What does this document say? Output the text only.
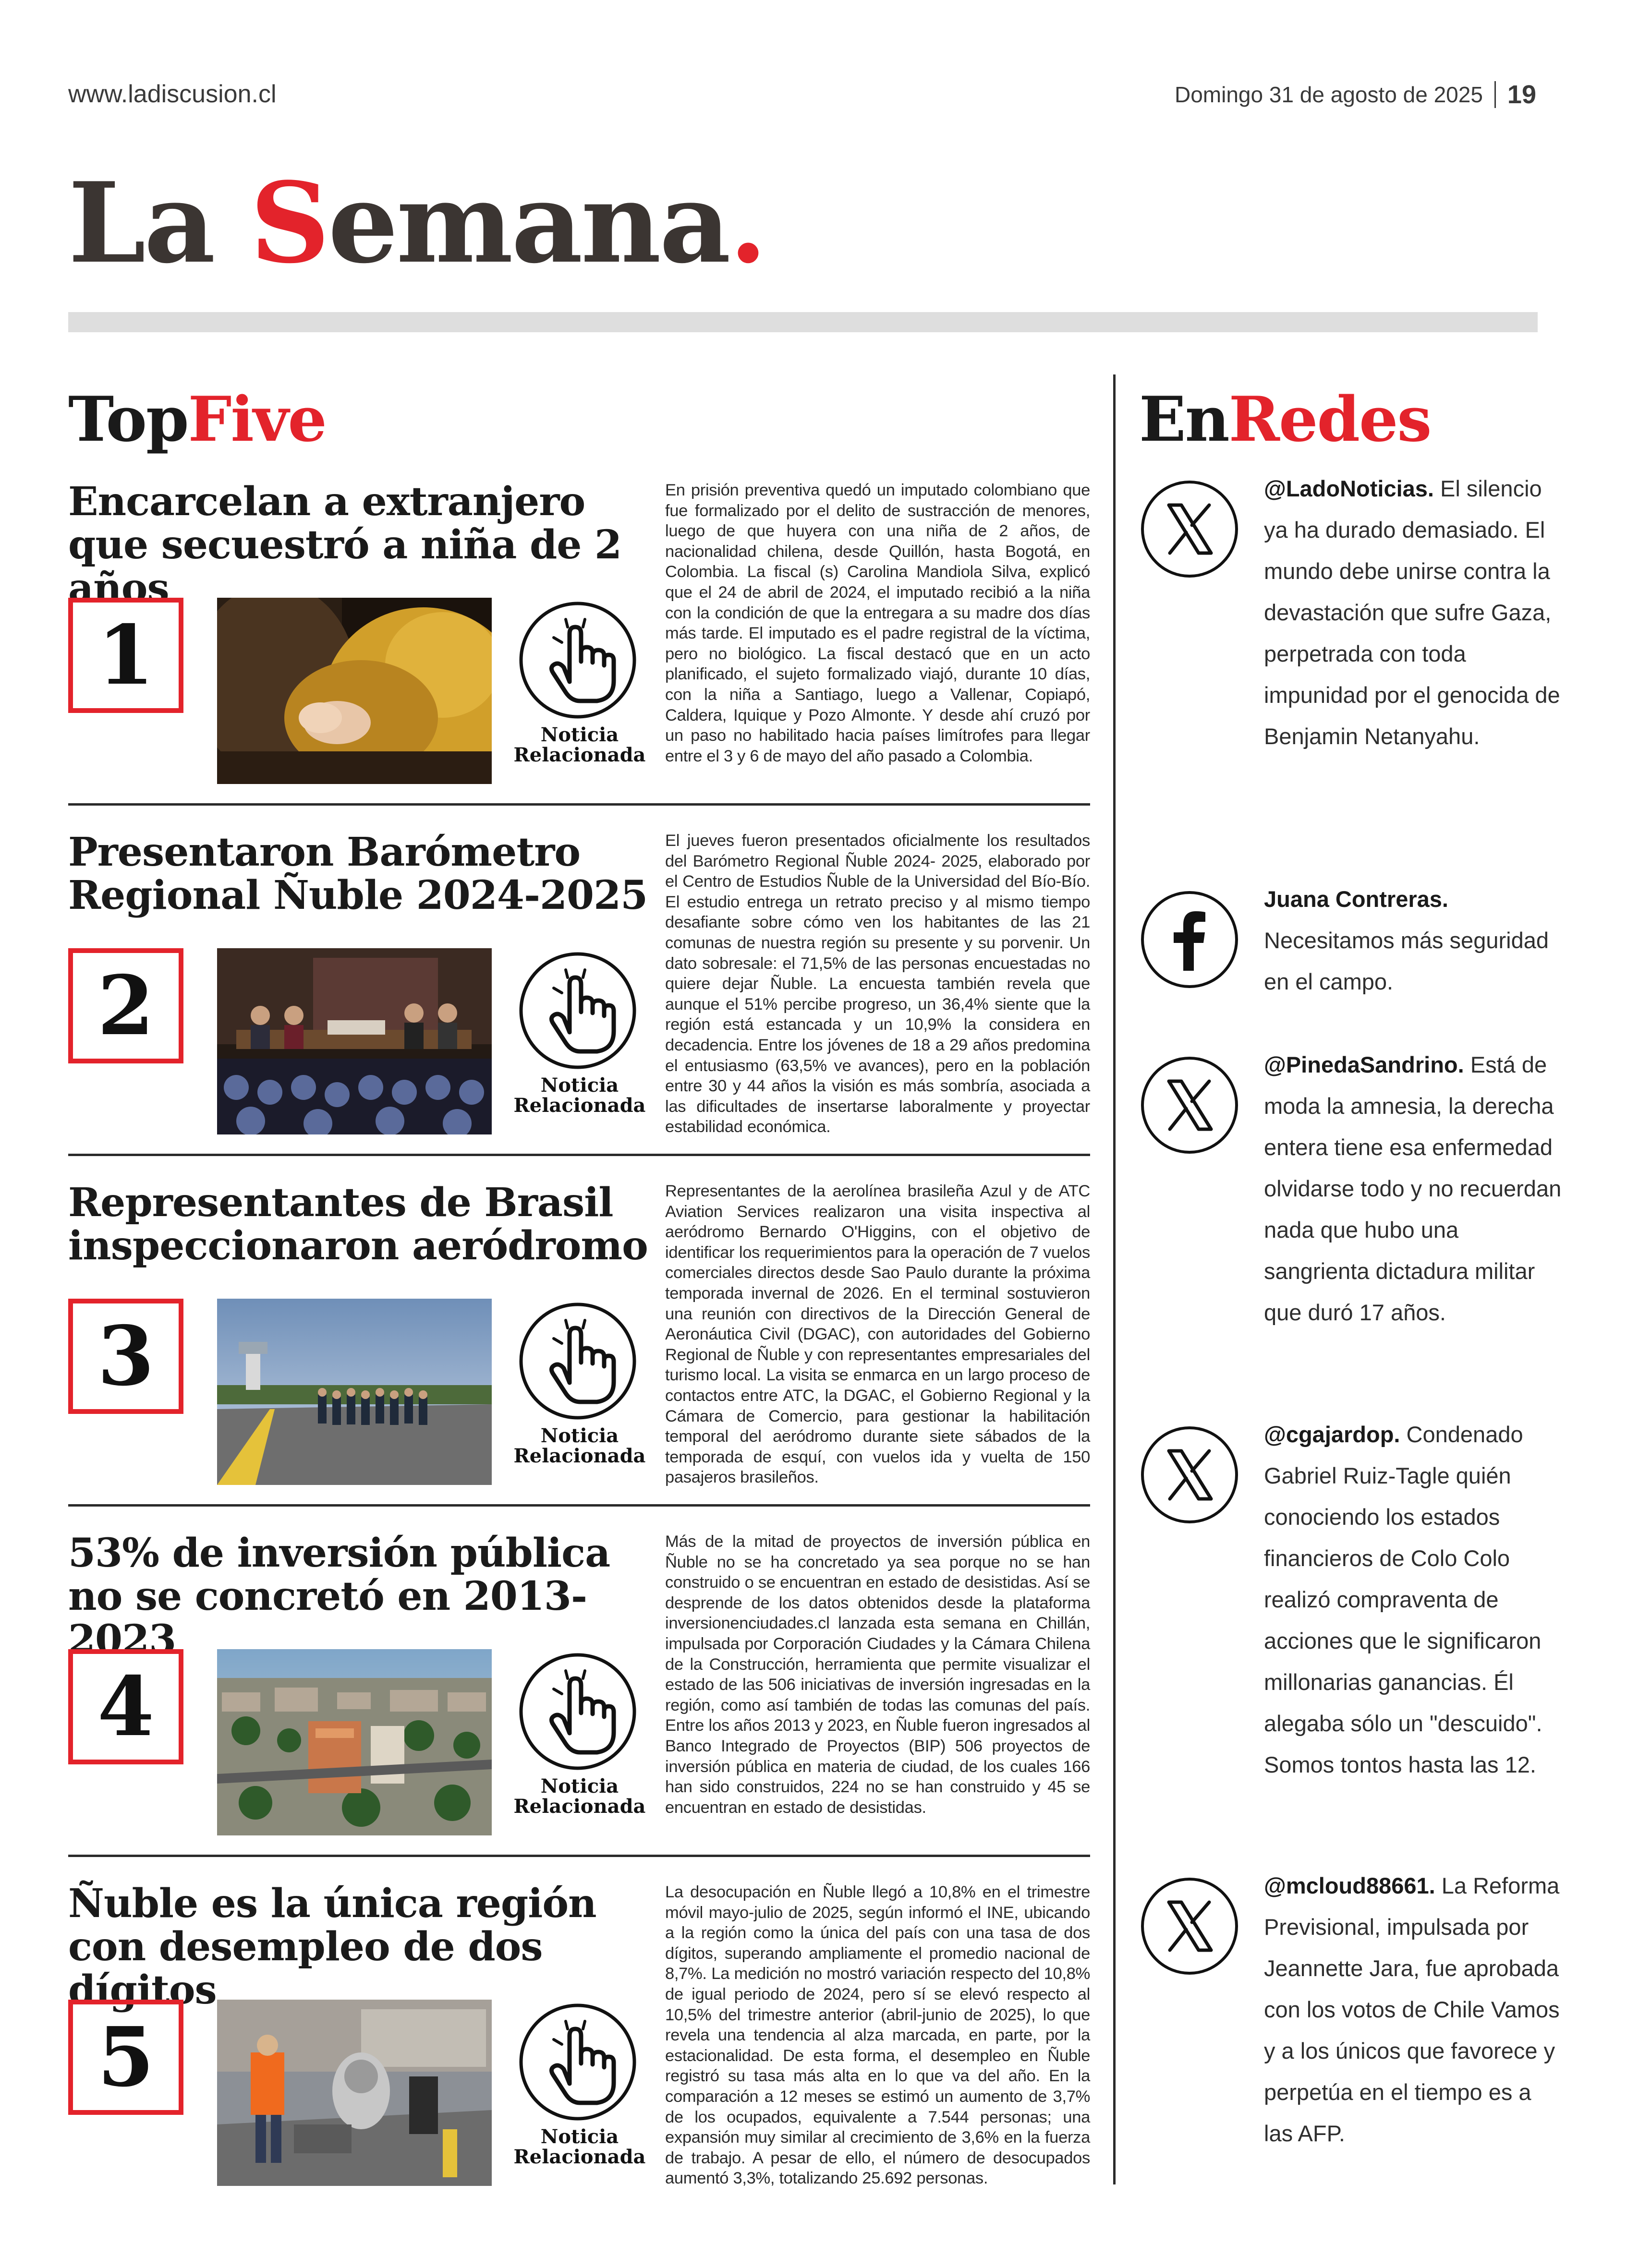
www.ladiscusion.cl	Domingo 31 de agosto de 2025 19
La Semana.
TopFive
Encarcelan a extranjero que secuestró a niña de 2 años
1
Noticia Relacionada
En prisión preventiva quedó un imputado colombiano que fue formalizado por el delito de sustracción de menores, luego de que huyera con una niña de 2 años, de nacionalidad chilena, desde Quillón, hasta Bogotá, en Colombia. La fiscal (s) Carolina Mandiola Silva, explicó que el 24 de abril de 2024, el imputado recibió a la niña con la condición de que la entregara a su madre dos días más tarde. El imputado es el padre registral de la víctima, pero no biológico. La fiscal destacó que en un acto planificado, el sujeto formalizado viajó, durante 10 días, con la niña a Santiago, luego a Vallenar, Copiapó, Caldera, Iquique y Pozo Almonte. Y desde ahí cruzó por un paso no habilitado hacia países limítrofes para llegar entre el 3 y 6 de mayo del año pasado a Colombia.
Presentaron Barómetro Regional Ñuble 2024-2025
2
Noticia Relacionada
El jueves fueron presentados oficialmente los resultados del Barómetro Regional Ñuble 2024- 2025, elaborado por el Centro de Estudios Ñuble de la Universidad del Bío-Bío. El estudio entrega un retrato preciso y al mismo tiempo desafiante sobre cómo ven los habitantes de las 21 comunas de nuestra región su presente y su porvenir. Un dato sobresale: el 71,5% de las personas encuestadas no quiere dejar Ñuble. La encuesta también revela que aunque el 51% percibe progreso, un 36,4% siente que la región está estancada y un 10,9% la considera en decadencia. Entre los jóvenes de 18 a 29 años predomina el entusiasmo (63,5% ve avances), pero en la población entre 30 y 44 años la visión es más sombría, asociada a las dificultades de insertarse laboralmente y proyectar estabilidad económica.
Representantes de Brasil inspeccionaron aeródromo
3
Noticia Relacionada
Representantes de la aerolínea brasileña Azul y de ATC Aviation Services realizaron una visita inspectiva al aeródromo Bernardo O'Higgins, con el objetivo de identificar los requerimientos para la operación de 7 vuelos comerciales directos desde Sao Paulo durante la próxima temporada invernal de 2026. En el terminal sostuvieron una reunión con directivos de la Dirección General de Aeronáutica Civil (DGAC), con autoridades del Gobierno Regional de Ñuble y con representantes empresariales del turismo local. La visita se enmarca en un largo proceso de contactos entre ATC, la DGAC, el Gobierno Regional y la Cámara de Comercio, para gestionar la habilitación temporal del aeródromo durante siete sábados de la temporada de esquí, con vuelos ida y vuelta de 150 pasajeros brasileños.
53% de inversión pública no se concretó en 2013-2023
4
Noticia Relacionada
Más de la mitad de proyectos de inversión pública en Ñuble no se ha concretado ya sea porque no se han construido o se encuentran en estado de desistidas. Así se desprende de los datos obtenidos desde la plataforma inversionenciudades.cl lanzada esta semana en Chillán, impulsada por Corporación Ciudades y la Cámara Chilena de la Construcción, herramienta que permite visualizar el estado de las 506 iniciativas de inversión ingresadas en la región, como así también de todas las comunas del país. Entre los años 2013 y 2023, en Ñuble fueron ingresados al Banco Integrado de Proyectos (BIP) 506 proyectos de inversión pública en materia de ciudad, de los cuales 166 han sido construidos, 224 no se han construido y 45 se encuentran en estado de desistidas.
Ñuble es la única región con desempleo de dos dígitos
5
Noticia Relacionada
La desocupación en Ñuble llegó a 10,8% en el trimestre móvil mayo-julio de 2025, según informó el INE, ubicando a la región como la única del país con una tasa de dos dígitos, superando ampliamente el promedio nacional de 8,7%. La medición no mostró variación respecto del 10,8% de igual periodo de 2024, pero sí se elevó respecto al 10,5% del trimestre anterior (abril-junio de 2025), lo que revela una tendencia al alza marcada, en parte, por la estacionalidad. De esta forma, el desempleo en Ñuble registró su tasa más alta en lo que va del año. En la comparación a 12 meses se estimó un aumento de 3,7% de los ocupados, equivalente a 7.544 personas; una expansión muy similar al crecimiento de 3,6% en la fuerza de trabajo. A pesar de ello, el número de desocupados aumentó 3,3%, totalizando 25.692 personas.
EnRedes
@LadoNoticias. El silencio ya ha durado demasiado. El mundo debe unirse contra la devastación que sufre Gaza, perpetrada con toda impunidad por el genocida de Benjamin Netanyahu.
Juana Contreras. Necesitamos más seguridad en el campo.
@PinedaSandrino. Está de moda la amnesia, la derecha entera tiene esa enfermedad olvidarse todo y no recuerdan nada que hubo una sangrienta dictadura militar que duró 17 años.
@cgajardop. Condenado Gabriel Ruiz-Tagle quién conociendo los estados financieros de Colo Colo realizó compraventa de acciones que le significaron millonarias ganancias. Él alegaba sólo un "descuido". Somos tontos hasta las 12.
@mcloud88661. La Reforma Previsional, impulsada por Jeannette Jara, fue aprobada con los votos de Chile Vamos y a los únicos que favorece y perpetúa en el tiempo es a las AFP.
